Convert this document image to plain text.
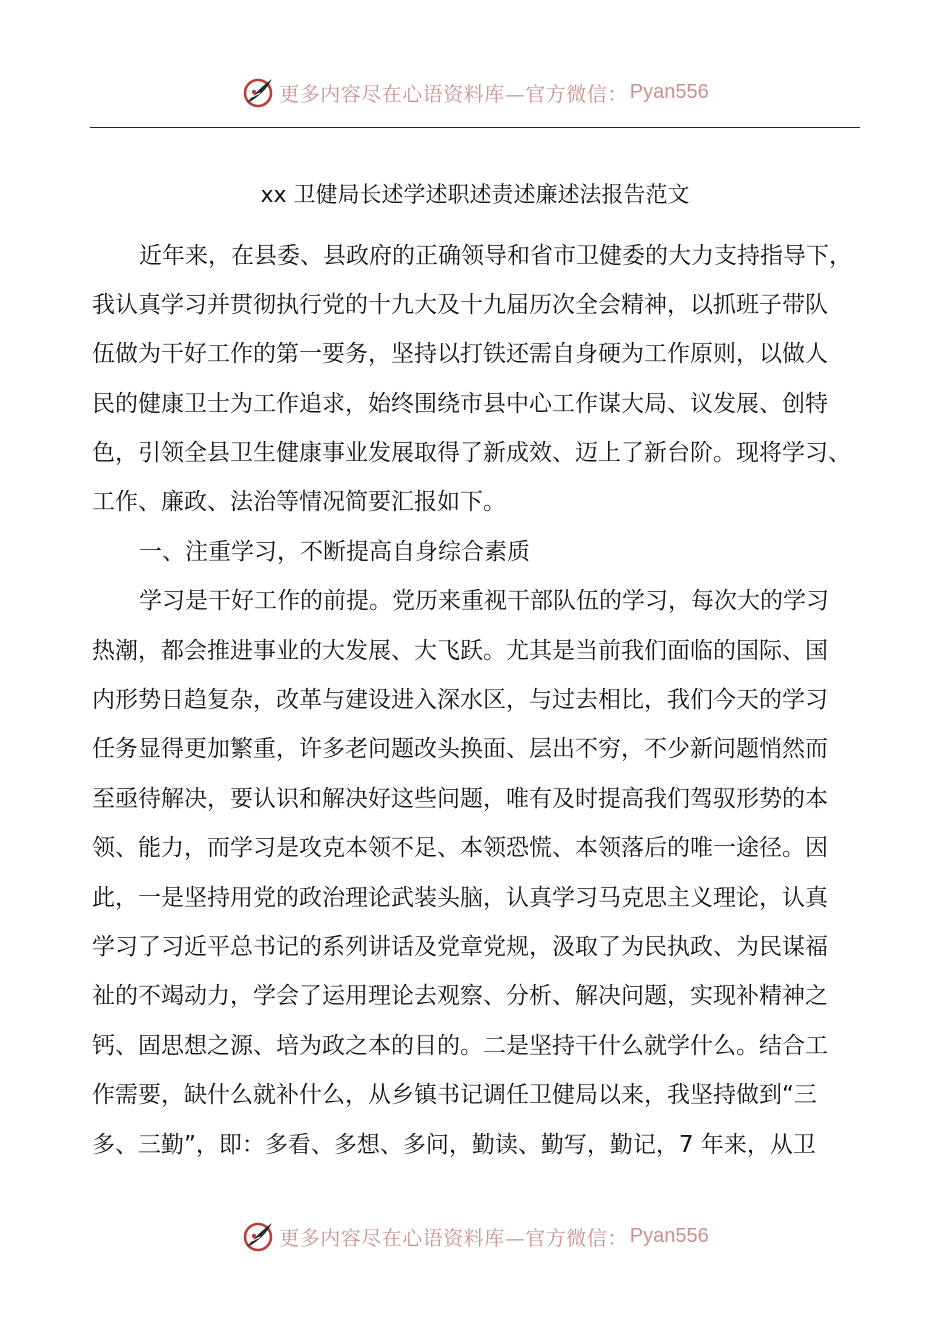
更多内容尽在心语资料库—官方微信： Pyan556
xx 卫健局长述学述职述责述廉述法报告范文
近年来，在县委、县政府的正确领导和省市卫健委的大力支持指导下，
我认真学习并贯彻执行党的十九大及十九届历次全会精神，以抓班子带队
伍做为干好工作的第一要务，坚持以打铁还需自身硬为工作原则，以做人
民的健康卫士为工作追求，始终围绕市县中心工作谋大局、议发展、创特
色，引领全县卫生健康事业发展取得了新成效、迈上了新台阶。现将学习、
工作、廉政、法治等情况简要汇报如下。
一、注重学习，不断提高自身综合素质
学习是干好工作的前提。党历来重视干部队伍的学习，每次大的学习
热潮，都会推进事业的大发展、大飞跃。尤其是当前我们面临的国际、国
内形势日趋复杂，改革与建设进入深水区，与过去相比，我们今天的学习
任务显得更加繁重，许多老问题改头换面、层出不穷，不少新问题悄然而
至亟待解决，要认识和解决好这些问题，唯有及时提高我们驾驭形势的本
领、能力，而学习是攻克本领不足、本领恐慌、本领落后的唯一途径。因
此，一是坚持用党的政治理论武装头脑，认真学习马克思主义理论，认真
学习了习近平总书记的系列讲话及党章党规，汲取了为民执政、为民谋福
祉的不竭动力，学会了运用理论去观察、分析、解决问题，实现补精神之
钙、固思想之源、培为政之本的目的。二是坚持干什么就学什么。结合工
作需要，缺什么就补什么，从乡镇书记调任卫健局以来，我坚持做到“三
多、三勤”，即：多看、多想、多问，勤读、勤写，勤记，7 年来，从卫
更多内容尽在心语资料库—官方微信： Pyan556
